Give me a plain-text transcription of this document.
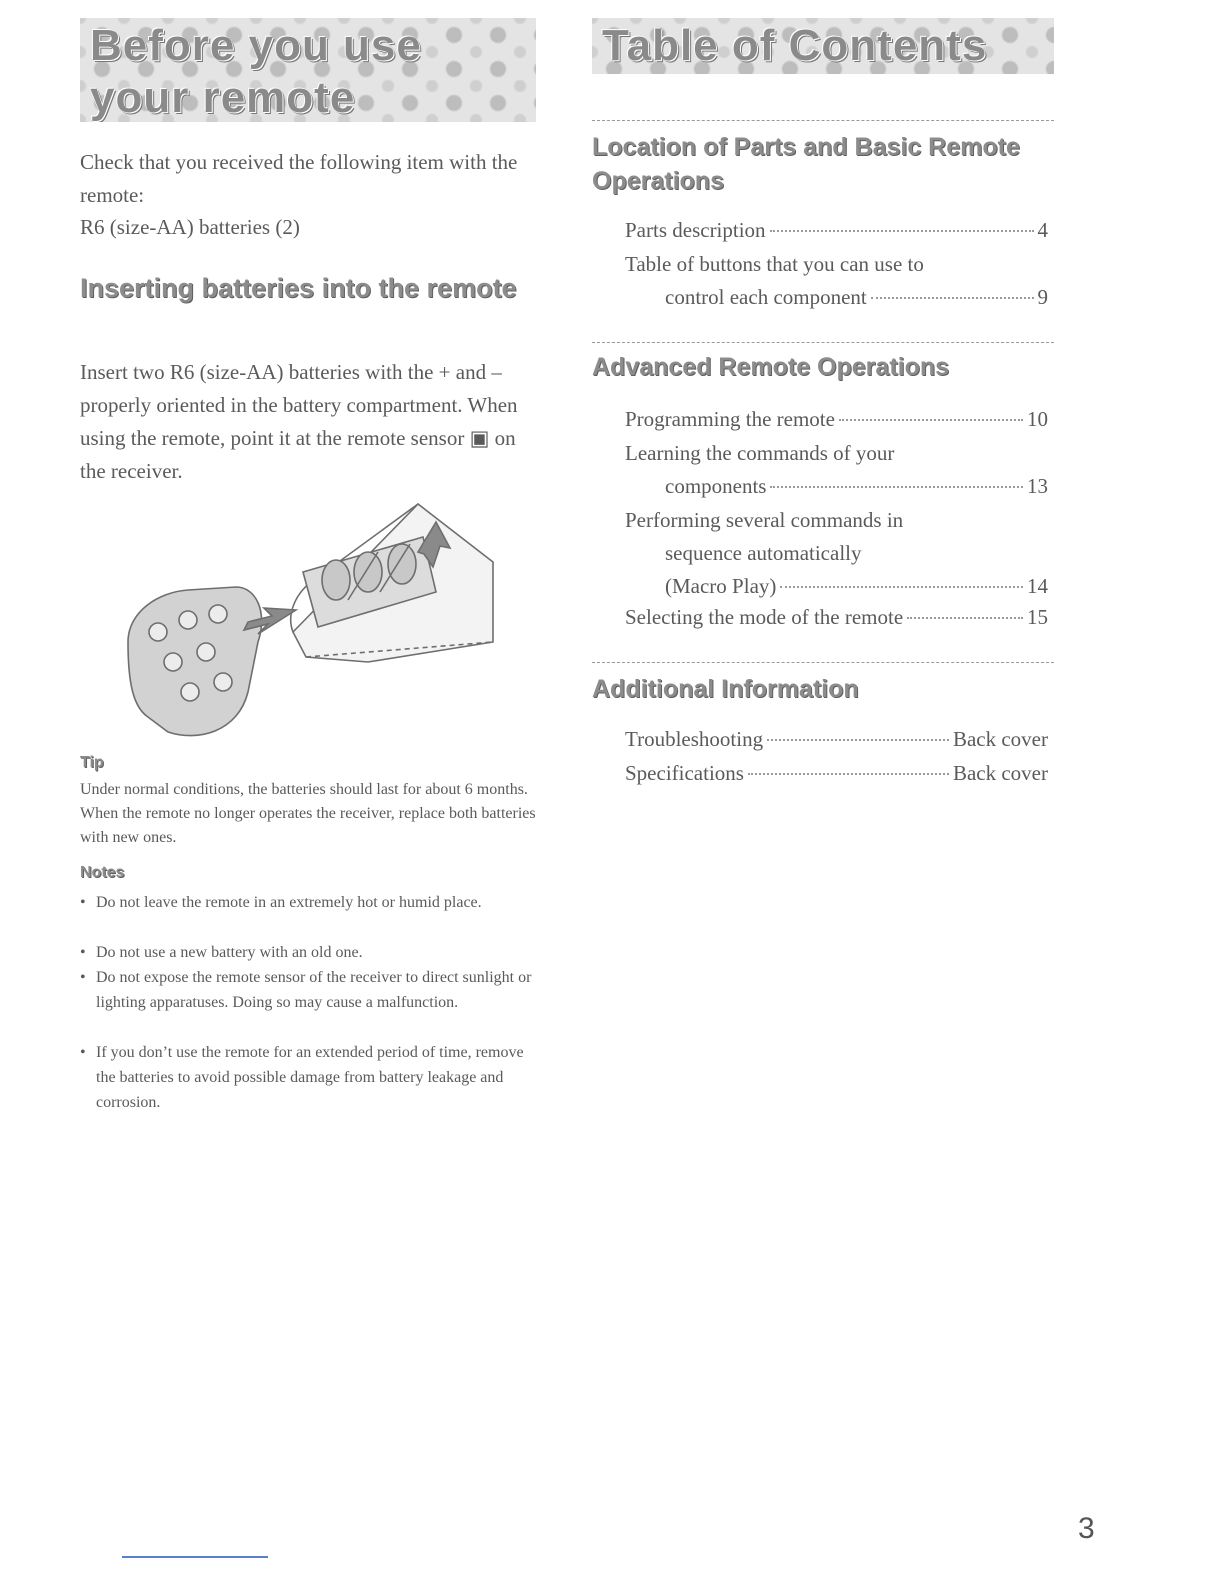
Before you use your remote

Check that you received the following item with the remote:

R6 (size-AA) batteries (2)

Inserting batteries into the remote

Insert two R6 (size-AA) batteries with the + and – properly oriented in the battery compartment. When using the remote, point it at the remote sensor ▣ on the receiver.

Tip

Under normal conditions, the batteries should last for about 6 months. When the remote no longer operates the receiver, replace both batteries with new ones.

Notes
• Do not leave the remote in an extremely hot or humid place.
• Do not use a new battery with an old one.
• Do not expose the remote sensor of the receiver to direct sunlight or lighting apparatuses. Doing so may cause a malfunction.
• If you don’t use the remote for an extended period of time, remove the batteries to avoid possible damage from battery leakage and corrosion.
Table of Contents
Location of Parts and Basic Remote Operations
Parts description	4
Table of buttons that you can use to
control each component	9
Advanced Remote Operations
Programming the remote	10
Learning the commands of your
components	13
Performing several commands in
sequence automatically
(Macro Play)	14
Selecting the mode of the remote	15
Additional Information
Troubleshooting	Back cover
Specifications	Back cover
3
